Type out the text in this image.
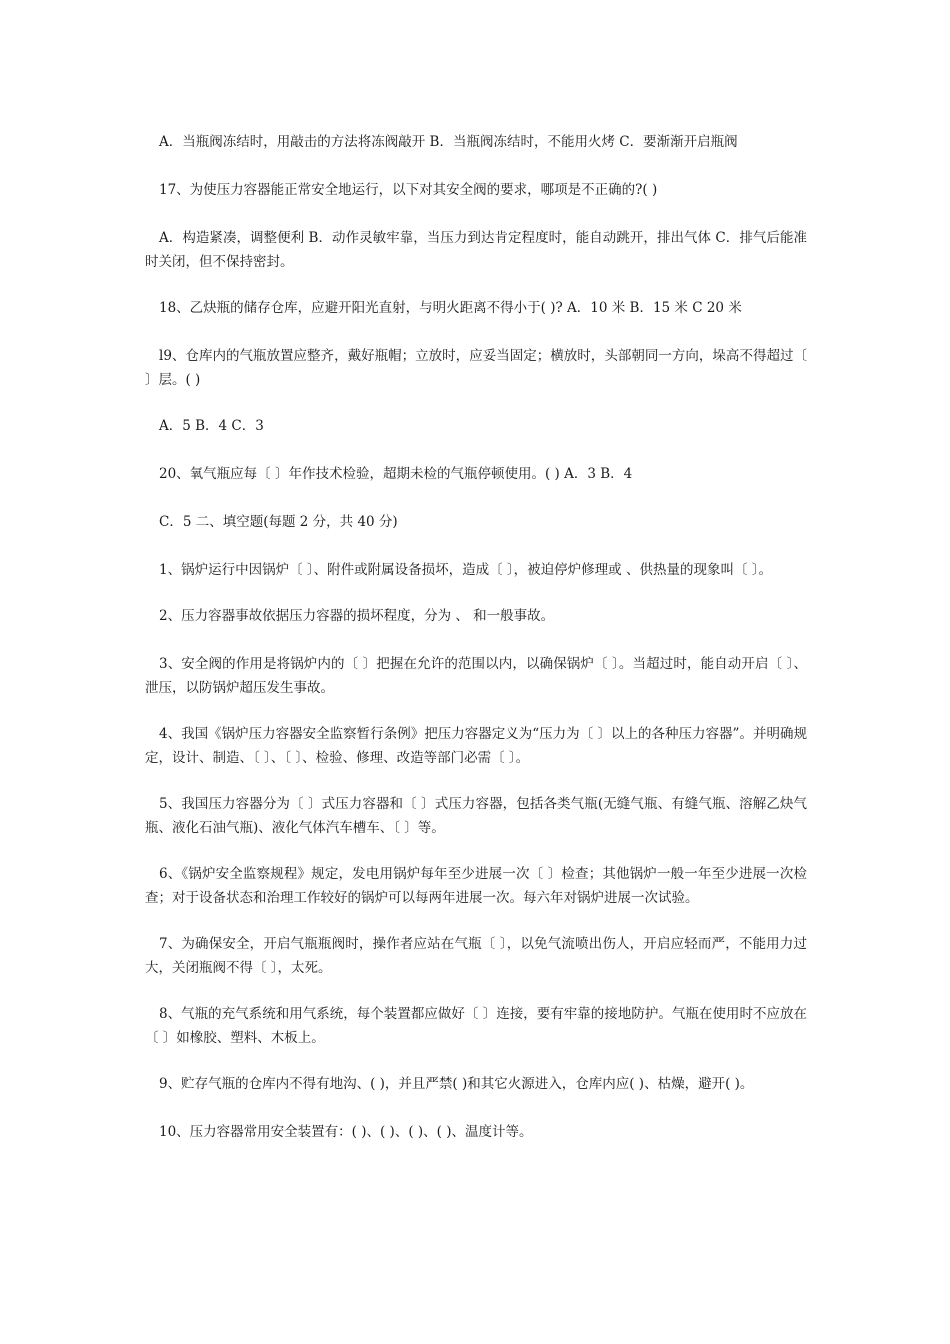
A．当瓶阀冻结时，用敲击的方法将冻阀敲开 B．当瓶阀冻结时，不能用火烤 C．要渐渐开启瓶阀

17、为使压力容器能正常安全地运行，以下对其安全阀的要求，哪项是不正确的?( )

A．构造紧凑，调整便利 B．动作灵敏牢靠，当压力到达肯定程度时，能自动跳开，排出气体 C．排气后能准时关闭，但不保持密封。

18、乙炔瓶的储存仓库，应避开阳光直射，与明火距离不得小于( )? A．10 米 B．15 米 C 20 米

l9、仓库内的气瓶放置应整齐，戴好瓶帽；立放时，应妥当固定；横放时，头部朝同一方向，垛高不得超过〔 〕层。( )

A．5 B．4 C．3

20、氧气瓶应每〔 〕年作技术检验，超期未检的气瓶停顿使用。( ) A．3 B．4

C．5 二、填空题(每题 2 分，共 40 分)

1、锅炉运行中因锅炉〔 〕、附件或附属设备损坏，造成〔 〕，被迫停炉修理或 、供热量的现象叫〔 〕。

2、压力容器事故依据压力容器的损坏程度，分为 、 和一般事故。

3、安全阀的作用是将锅炉内的〔 〕把握在允许的范围以内，以确保锅炉〔 〕。当超过时，能自动开启〔 〕、泄压，以防锅炉超压发生事故。

4、我国《锅炉压力容器安全监察暂行条例》把压力容器定义为“压力为〔 〕以上的各种压力容器”。并明确规定，设计、制造、〔 〕、〔 〕、检验、修理、改造等部门必需〔 〕。

5、我国压力容器分为〔 〕式压力容器和〔 〕式压力容器，包括各类气瓶(无缝气瓶、有缝气瓶、溶解乙炔气瓶、液化石油气瓶)、液化气体汽车槽车、〔 〕等。

6、《锅炉安全监察规程》规定，发电用锅炉每年至少进展一次〔 〕检查；其他锅炉一般一年至少进展一次检查；对于设备状态和治理工作较好的锅炉可以每两年进展一次。每六年对锅炉进展一次试验。

7、为确保安全，开启气瓶瓶阀时，操作者应站在气瓶〔 〕，以免气流喷出伤人，开启应轻而严，不能用力过大，关闭瓶阀不得〔 〕，太死。

8、气瓶的充气系统和用气系统，每个装置都应做好〔 〕连接，要有牢靠的接地防护。气瓶在使用时不应放在〔 〕如橡胶、塑料、木板上。

9、贮存气瓶的仓库内不得有地沟、( )，并且严禁( )和其它火源进入，仓库内应( )、枯燥，避开( )。

10、压力容器常用安全装置有：( )、( )、( )、( )、温度计等。
